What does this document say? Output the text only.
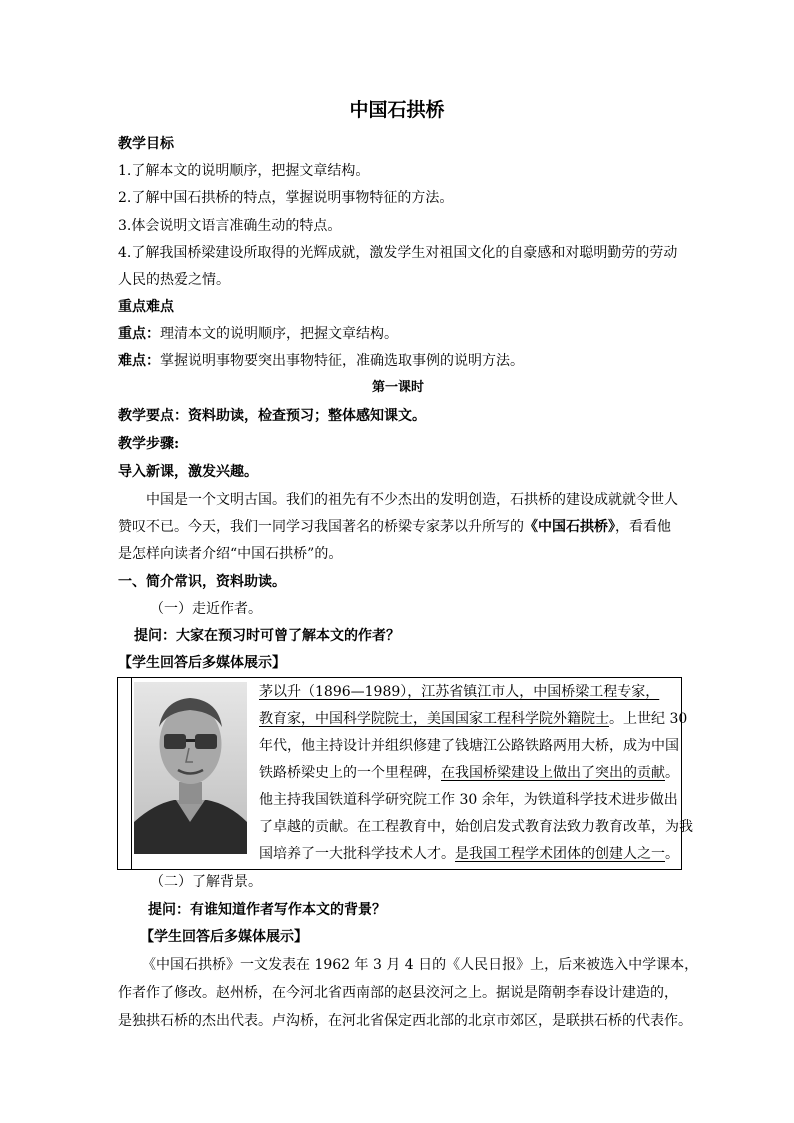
中国石拱桥
教学目标
1.了解本文的说明顺序，把握文章结构。
2.了解中国石拱桥的特点，掌握说明事物特征的方法。
3.体会说明文语言准确生动的特点。
4.了解我国桥梁建设所取得的光辉成就，激发学生对祖国文化的自豪感和对聪明勤劳的劳动
人民的热爱之情。
重点难点
重点：理清本文的说明顺序，把握文章结构。
难点：掌握说明事物要突出事物特征，准确选取事例的说明方法。
第一课时
教学要点：资料助读，检查预习；整体感知课文。
教学步骤:
导入新课，激发兴趣。
中国是一个文明古国。我们的祖先有不少杰出的发明创造，石拱桥的建设成就就令世人
赞叹不已。今天，我们一同学习我国著名的桥梁专家茅以升所写的《中国石拱桥》，看看他
是怎样向读者介绍“中国石拱桥”的。
一、简介常识，资料助读。
（一）走近作者。
提问：大家在预习时可曾了解本文的作者？
【学生回答后多媒体展示】
茅以升（1896—1989），江苏省镇江市人，中国桥梁工程专家，
教育家，中国科学院院士，美国国家工程科学院外籍院士。上世纪 30
年代，他主持设计并组织修建了钱塘江公路铁路两用大桥，成为中国
铁路桥梁史上的一个里程碑，在我国桥梁建设上做出了突出的贡献。
他主持我国铁道科学研究院工作 30 余年，为铁道科学技术进步做出
了卓越的贡献。在工程教育中，始创启发式教育法致力教育改革，为我
国培养了一大批科学技术人才。是我国工程学术团体的创建人之一。
（二）了解背景。
提问：有谁知道作者写作本文的背景？
【学生回答后多媒体展示】
《中国石拱桥》一文发表在 1962 年 3 月 4 日的《人民日报》上，后来被选入中学课本，
作者作了修改。赵州桥，在今河北省西南部的赵县洨河之上。据说是隋朝李春设计建造的，
是独拱石桥的杰出代表。卢沟桥，在河北省保定西北部的北京市郊区，是联拱石桥的代表作。
